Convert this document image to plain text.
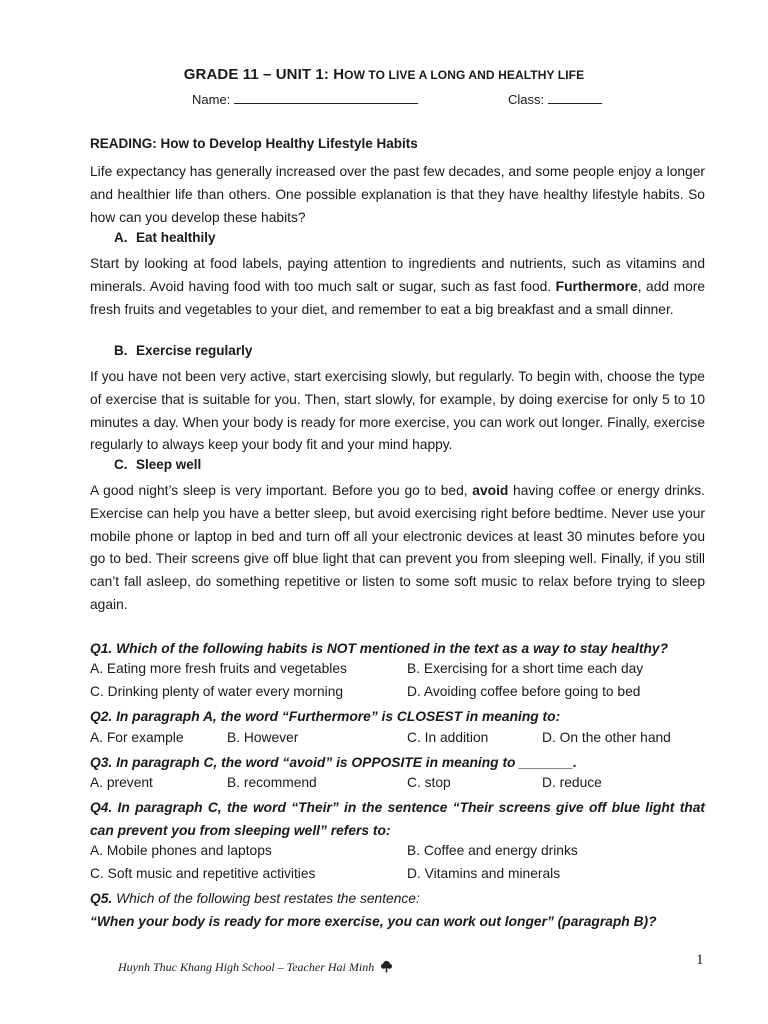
GRADE 11 – UNIT 1: HOW TO LIVE A LONG AND HEALTHY LIFE
Name:	Class:
READING: How to Develop Healthy Lifestyle Habits
Life expectancy has generally increased over the past few decades, and some people enjoy a longer and healthier life than others. One possible explanation is that they have healthy lifestyle habits. So how can you develop these habits?
A. Eat healthily
Start by looking at food labels, paying attention to ingredients and nutrients, such as vitamins and minerals. Avoid having food with too much salt or sugar, such as fast food. Furthermore, add more fresh fruits and vegetables to your diet, and remember to eat a big breakfast and a small dinner.
B. Exercise regularly
If you have not been very active, start exercising slowly, but regularly. To begin with, choose the type of exercise that is suitable for you. Then, start slowly, for example, by doing exercise for only 5 to 10 minutes a day. When your body is ready for more exercise, you can work out longer. Finally, exercise regularly to always keep your body fit and your mind happy.
C. Sleep well
A good night’s sleep is very important. Before you go to bed, avoid having coffee or energy drinks. Exercise can help you have a better sleep, but avoid exercising right before bedtime. Never use your mobile phone or laptop in bed and turn off all your electronic devices at least 30 minutes before you go to bed. Their screens give off blue light that can prevent you from sleeping well. Finally, if you still can’t fall asleep, do something repetitive or listen to some soft music to relax before trying to sleep again.
Q1. Which of the following habits is NOT mentioned in the text as a way to stay healthy?
A. Eating more fresh fruits and vegetables	B. Exercising for a short time each day
C. Drinking plenty of water every morning	D. Avoiding coffee before going to bed
Q2. In paragraph A, the word “Furthermore” is CLOSEST in meaning to:
A. For example	B. However	C. In addition	D. On the other hand
Q3. In paragraph C, the word “avoid” is OPPOSITE in meaning to _______.
A. prevent	B. recommend	C. stop	D. reduce
Q4. In paragraph C, the word “Their” in the sentence “Their screens give off blue light that can prevent you from sleeping well” refers to:
A. Mobile phones and laptops	B. Coffee and energy drinks
C. Soft music and repetitive activities	D. Vitamins and minerals
Q5. Which of the following best restates the sentence:
“When your body is ready for more exercise, you can work out longer” (paragraph B)?
Huynh Thuc Khang High School – Teacher Hai Minh	1
